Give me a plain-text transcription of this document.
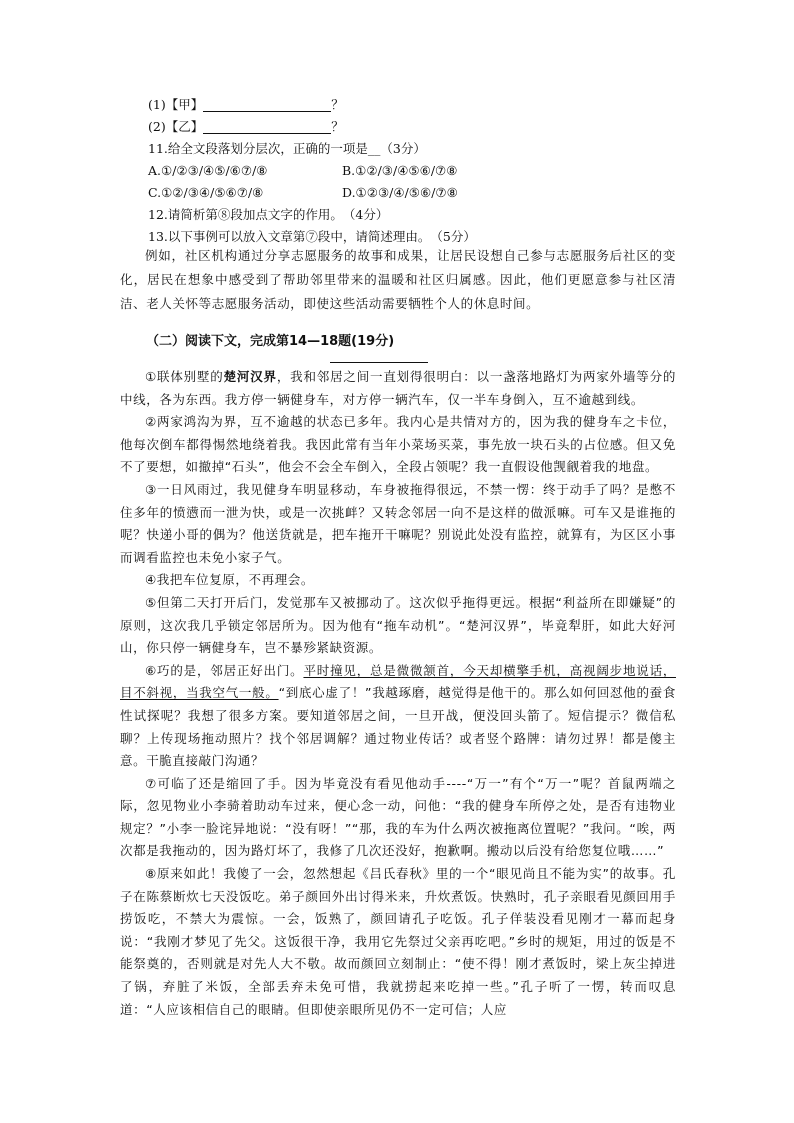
(1)【甲】	？
(2)【乙】	？
11.给全文段落划分层次，正确的一项是__（3分）
A.①/②③/④⑤/⑥⑦/⑧	B.①②/③/④⑤⑥/⑦⑧
C.①②/③④/⑤⑥⑦/⑧	D.①②③/④/⑤⑥/⑦⑧
12.请简析第⑧段加点文字的作用。　（4分）
13.以下事例可以放入文章第⑦段中，请简述理由。　（5分）

例如，社区机构通过分享志愿服务的故事和成果，让居民设想自己参与志愿服务后社区的变化，居民在想象中感受到了帮助邻里带来的温暖和社区归属感。因此，他们更愿意参与社区清洁、老人关怀等志愿服务活动，即使这些活动需要牺牲个人的休息时间。

（二）阅读下文，完成第14—18题(19分)

①联体别墅的楚河汉界，我和邻居之间一直划得很明白：以一盏落地路灯为两家外墙等分的中线，各为东西。我方停一辆健身车，对方停一辆汽车，仅一半车身倒入，互不逾越到线。

②两家鸿沟为界，互不逾越的状态已多年。我内心是共情对方的，因为我的健身车之卡位，他每次倒车都得惕然地绕着我。我因此常有当年小菜场买菜，事先放一块石头的占位感。但又免不了要想，如撤掉“石头”，他会不会全车倒入，全段占领呢？我一直假设他觊觎着我的地盘。

③一日风雨过，我见健身车明显移动，车身被拖得很远，不禁一愣：终于动手了吗？是憋不住多年的愤懑而一泄为快，或是一次挑衅？又转念邻居一向不是这样的做派嘛。可车又是谁拖的呢？快递小哥的偶为？他送货就是，把车拖开干嘛呢？别说此处没有监控，就算有，为区区小事而调看监控也未免小家子气。

④我把车位复原，不再理会。

⑤但第二天打开后门，发觉那车又被挪动了。这次似乎拖得更远。根据“利益所在即嫌疑”的原则，这次我几乎锁定邻居所为。因为他有“拖车动机”。“楚河汉界”，毕竟犁肝，如此大好河山，你只停一辆健身车，岂不暴殄紧缺资源。

⑥巧的是，邻居正好出门。平时撞见，总是微微颔首，今天却横擎手机，高视阔步地说话，目不斜视，当我空气一般。“到底心虚了！”我越琢磨，越觉得是他干的。那么如何回怼他的蚕食性试探呢？我想了很多方案。要知道邻居之间，一旦开战，便没回头箭了。短信提示？微信私聊？上传现场拖动照片？找个邻居调解？通过物业传话？或者竖个路牌：请勿过界！都是傻主意。干脆直接敲门沟通？

⑦可临了还是缩回了手。因为毕竟没有看见他动手----“万一”有个“万一”呢？首鼠两端之际，忽见物业小李骑着助动车过来，便心念一动，问他：“我的健身车所停之处，是否有违物业规定？”小李一脸诧异地说：“没有呀！”“那，我的车为什么两次被拖离位置呢？”我问。“唉，两次都是我拖动的，因为路灯坏了，我修了几次还没好，抱歉啊。搬动以后没有给您复位哦……”

⑧原来如此！我傻了一会，忽然想起《吕氏春秋》里的一个“眼见尚且不能为实”的故事。孔子在陈蔡断炊七天没饭吃。弟子颜回外出讨得米来，升炊煮饭。快熟时，孔子亲眼看见颜回用手捞饭吃，不禁大为震惊。一会，饭熟了，颜回请孔子吃饭。孔子佯装没看见刚才一幕而起身说：“我刚才梦见了先父。这饭很干净，我用它先祭过父亲再吃吧。”乡时的规矩，用过的饭是不能祭奠的，否则就是对先人大不敬。故而颜回立刻制止：“使不得！刚才煮饭时，梁上灰尘掉进了锅，弃脏了米饭，全部丢弃未免可惜，我就捞起来吃掉一些。”孔子听了一愣，转而叹息道：“人应该相信自己的眼睛。但即使亲眼所见仍不一定可信；人应
